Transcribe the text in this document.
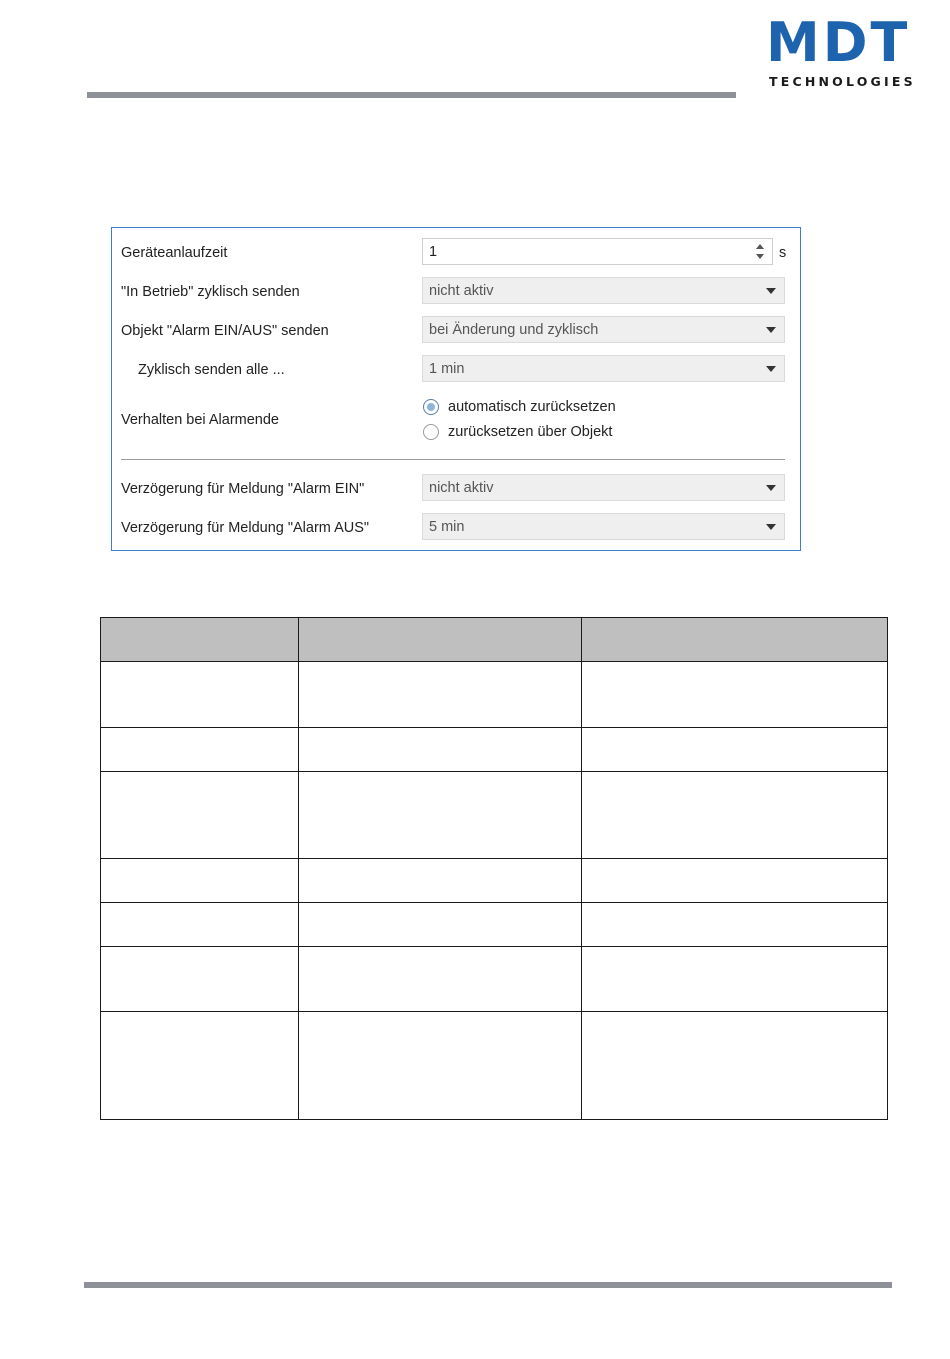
MDT
TECHNOLOGIES
Geräteanlaufzeit	1	s
"In Betrieb" zyklisch senden	nicht aktiv
Objekt "Alarm EIN/AUS" senden	bei Änderung und zyklisch
Zyklisch senden alle ...	1 min
Verhalten bei Alarmende
automatisch zurücksetzen
zurücksetzen über Objekt
Verzögerung für Meldung "Alarm EIN"	nicht aktiv
Verzögerung für Meldung "Alarm AUS"	5 min
